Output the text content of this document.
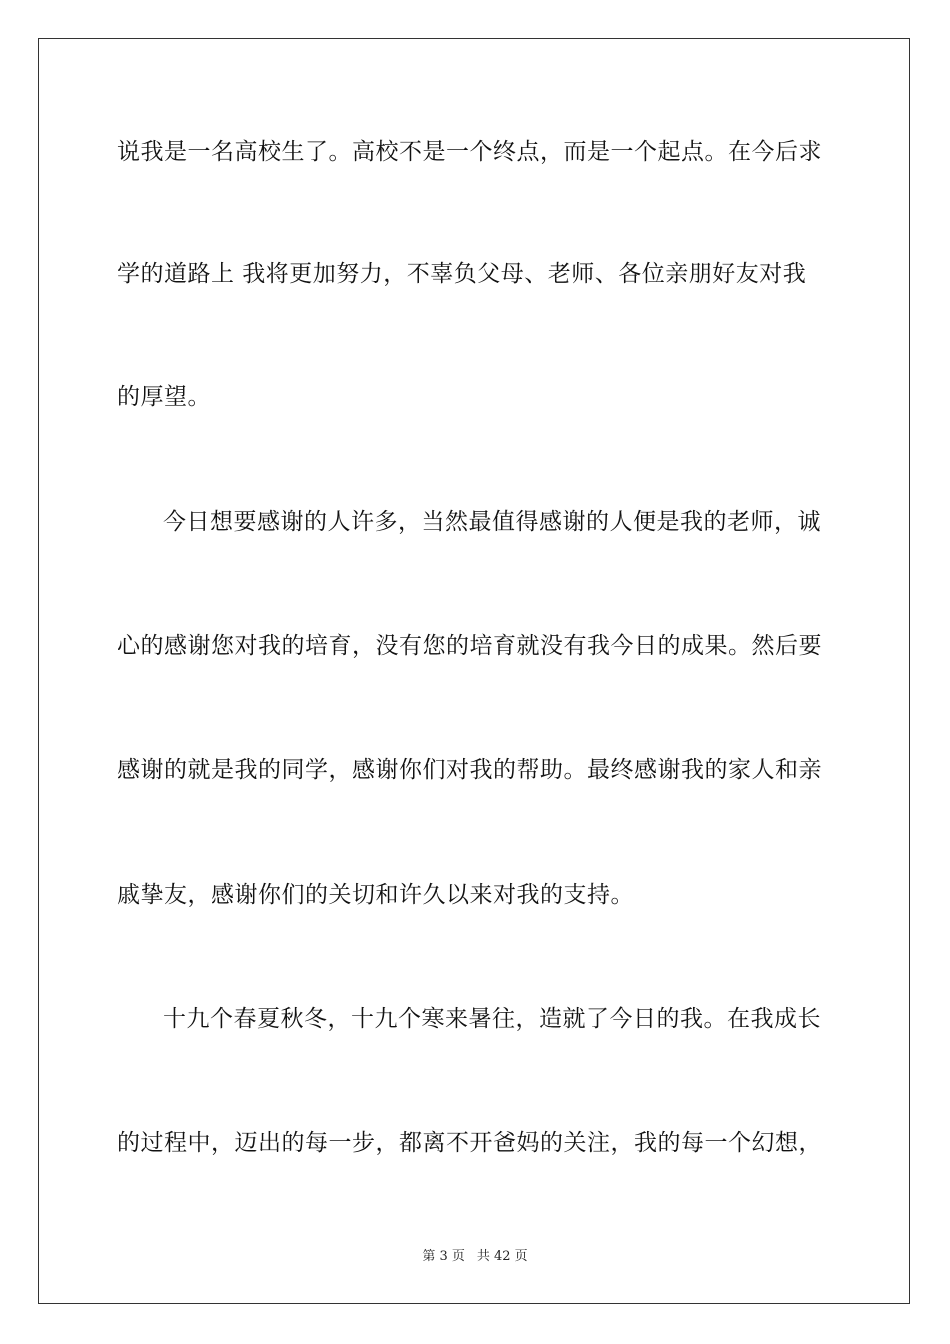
说我是一名高校生了。高校不是一个终点，而是一个起点。在今后求
学的道路上 我将更加努力，不辜负父母、老师、各位亲朋好友对我
的厚望。
今日想要感谢的人许多，当然最值得感谢的人便是我的老师，诚
心的感谢您对我的培育，没有您的培育就没有我今日的成果。然后要
感谢的就是我的同学，感谢你们对我的帮助。最终感谢我的家人和亲
戚挚友，感谢你们的关切和许久以来对我的支持。
十九个春夏秋冬，十九个寒来暑往，造就了今日的我。在我成长
的过程中，迈出的每一步，都离不开爸妈的关注，我的每一个幻想，
第 3 页 共 42 页
